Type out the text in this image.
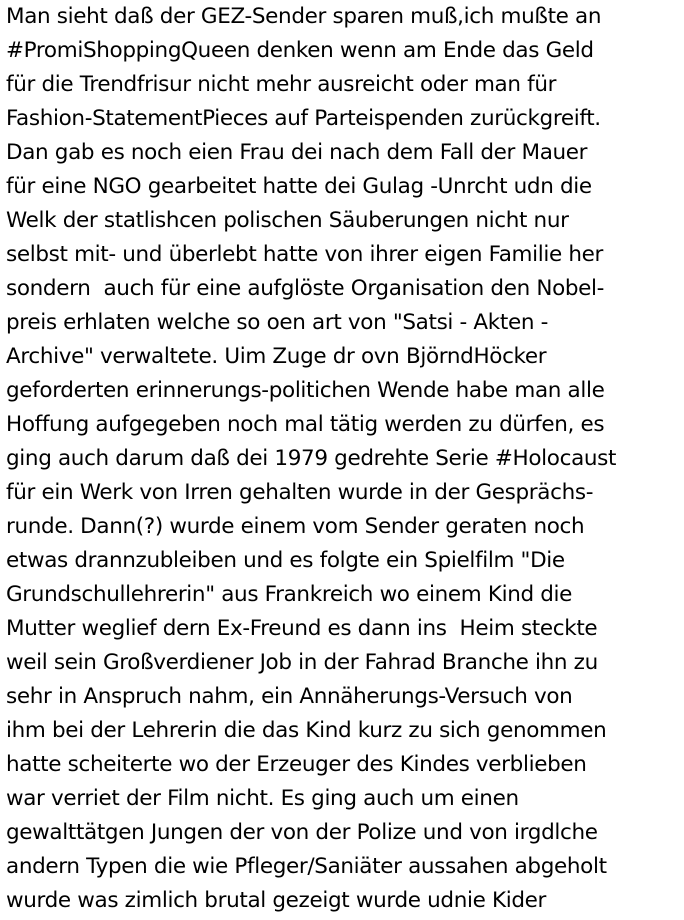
Man sieht daß der GEZ-Sender sparen muß,ich mußte an
#PromiShoppingQueen denken wenn am Ende das Geld
für die Trendfrisur nicht mehr ausreicht oder man für
Fashion-StatementPieces auf Parteispenden zurückgreift.
Dan gab es noch eien Frau dei nach dem Fall der Mauer
für eine NGO gearbeitet hatte dei Gulag -Unrcht udn die
Welk der statlishcen polischen Säuberungen nicht nur
selbst mit- und überlebt hatte von ihrer eigen Familie her
sondern  auch für eine aufglöste Organisation den Nobel-
preis erhlaten welche so oen art von "Satsi - Akten -
Archive" verwaltete. Uim Zuge dr ovn BjörndHöcker
geforderten erinnerungs-politichen Wende habe man alle
Hoffung aufgegeben noch mal tätig werden zu dürfen, es
ging auch darum daß dei 1979 gedrehte Serie #Holocaust
für ein Werk von Irren gehalten wurde in der Gesprächs-
runde. Dann(?) wurde einem vom Sender geraten noch
etwas drannzubleiben und es folgte ein Spielfilm "Die
Grundschullehrerin" aus Frankreich wo einem Kind die
Mutter weglief dern Ex-Freund es dann ins  Heim steckte
weil sein Großverdiener Job in der Fahrad Branche ihn zu
sehr in Anspruch nahm, ein Annäherungs-Versuch von
ihm bei der Lehrerin die das Kind kurz zu sich genommen
hatte scheiterte wo der Erzeuger des Kindes verblieben
war verriet der Film nicht. Es ging auch um einen
gewalttätgen Jungen der von der Polize und von irgdlche
andern Typen die wie Pfleger/Saniäter aussahen abgeholt
wurde was zimlich brutal gezeigt wurde udnie Kider
